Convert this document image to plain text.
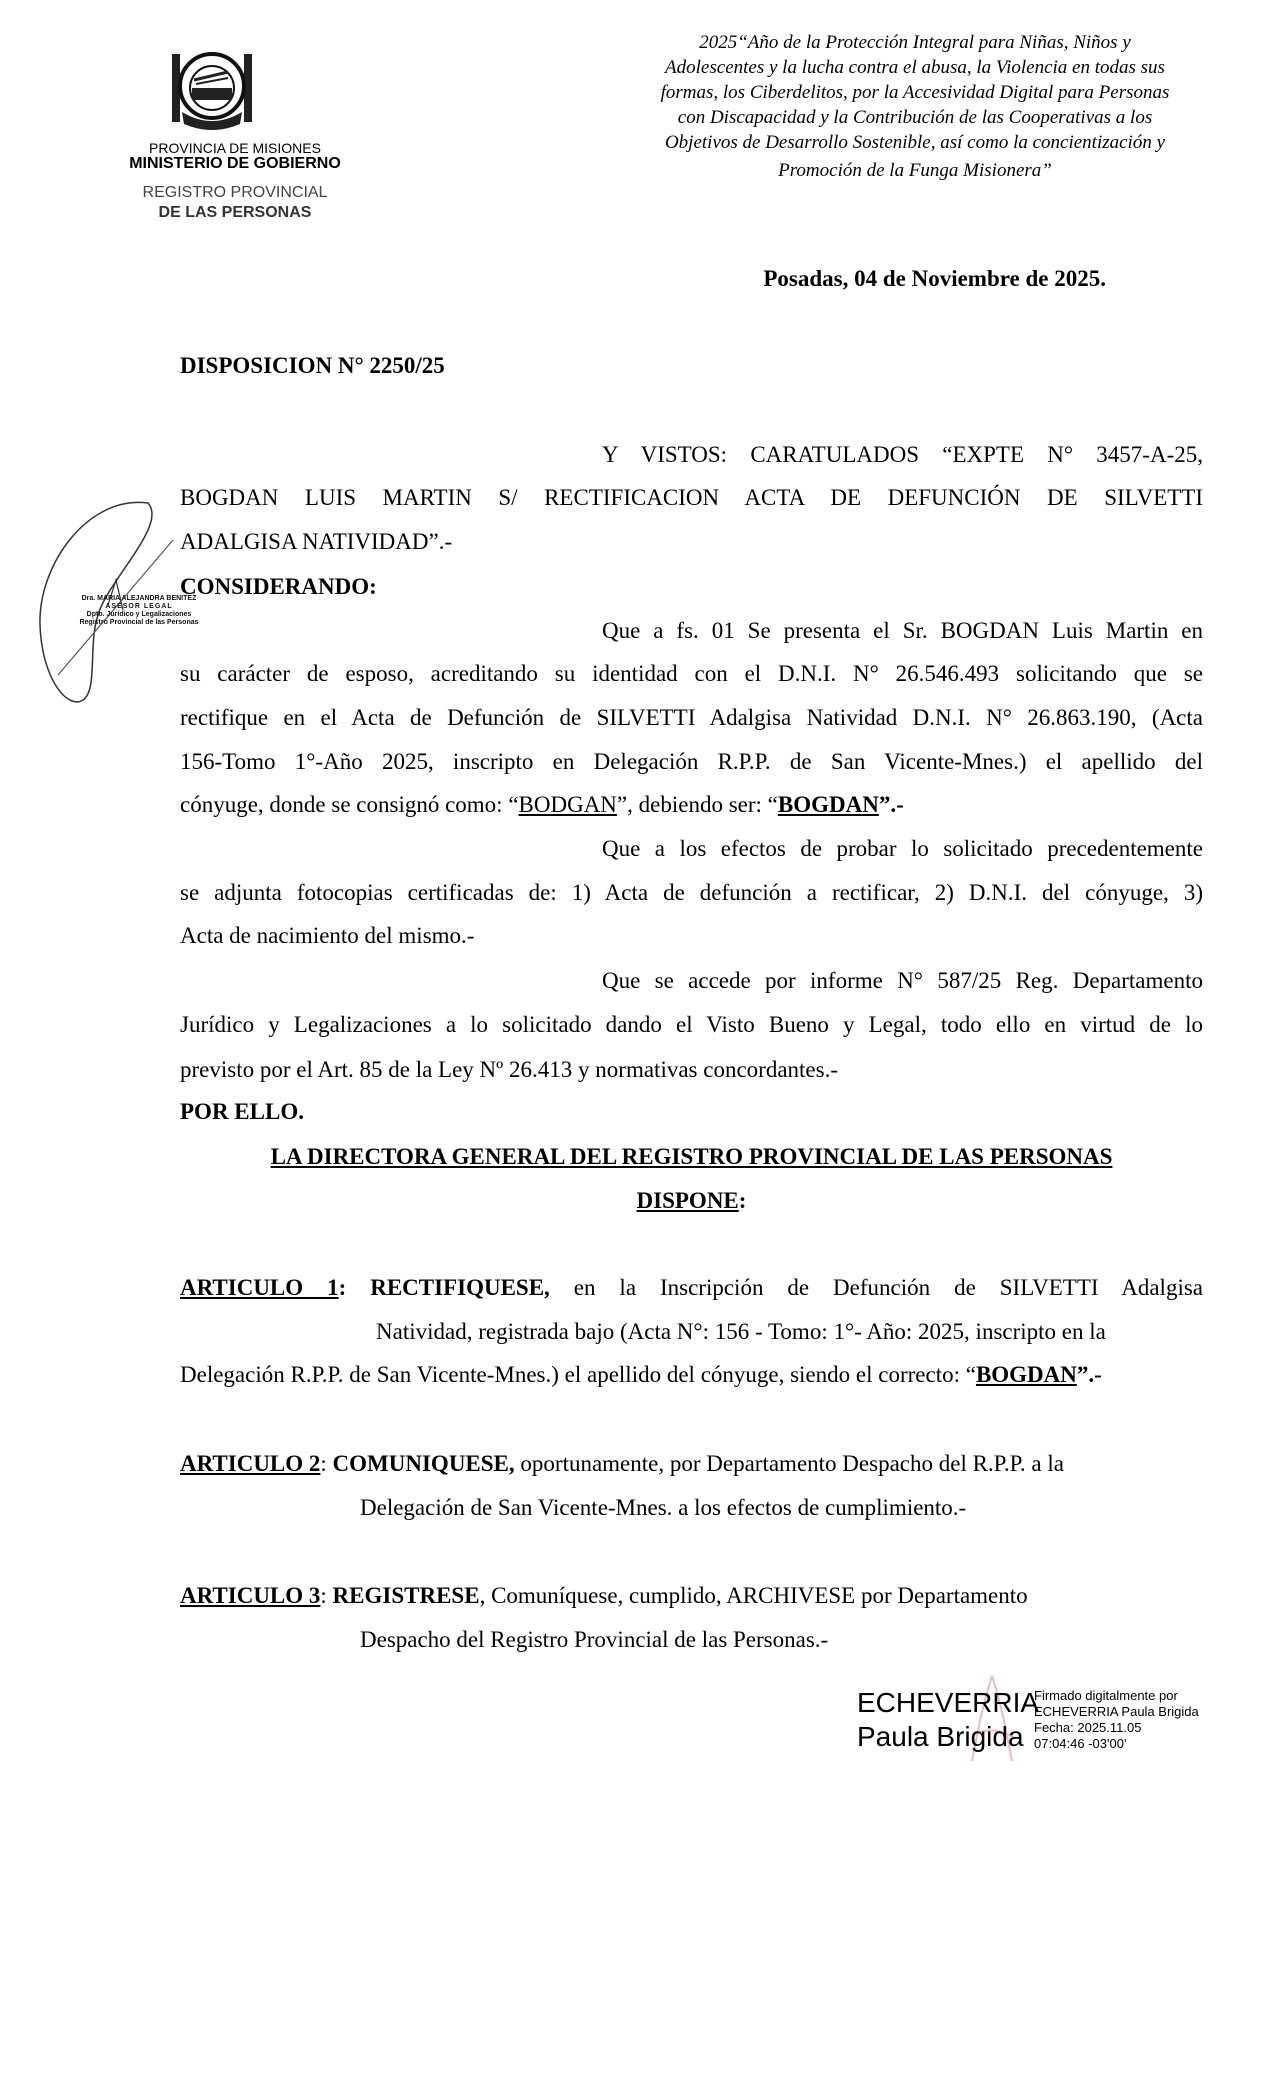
PROVINCIA DE MISIONES
MINISTERIO DE GOBIERNO
REGISTRO PROVINCIAL
DE LAS PERSONAS
2025“Año de la Protección Integral para Niñas, Niños y
Adolescentes y la lucha contra el abusa, la Violencia en todas sus
formas, los Ciberdelitos, por la Accesividad Digital para Personas
con Discapacidad y la Contribución de las Cooperativas a los
Objetivos de Desarrollo Sostenible, así como la concientización y
Promoción de la Funga Misionera”
Posadas, 04 de Noviembre de 2025.
DISPOSICION N° 2250/25
Y VISTOS: CARATULADOS “EXPTE N° 3457-A-25,
BOGDAN LUIS MARTIN S/ RECTIFICACION ACTA DE DEFUNCIÓN DE SILVETTI
ADALGISA NATIVIDAD”.-
CONSIDERANDO:
Que a fs. 01 Se presenta el Sr. BOGDAN Luis Martin en
su carácter de esposo, acreditando su identidad con el D.N.I. N° 26.546.493 solicitando que se
rectifique en el Acta de Defunción de SILVETTI Adalgisa Natividad D.N.I. N° 26.863.190, (Acta
156-Tomo 1°-Año 2025, inscripto en Delegación R.P.P. de San Vicente-Mnes.) el apellido del
cónyuge, donde se consignó como: “BODGAN”, debiendo ser: “BOGDAN”.-
Que a los efectos de probar lo solicitado precedentemente
se adjunta fotocopias certificadas de: 1) Acta de defunción a rectificar, 2) D.N.I. del cónyuge, 3)
Acta de nacimiento del mismo.-
Que se accede por informe N° 587/25 Reg. Departamento
Jurídico y Legalizaciones a lo solicitado dando el Visto Bueno y Legal, todo ello en virtud de lo
previsto por el Art. 85 de la Ley Nº 26.413 y normativas concordantes.-
POR ELLO.
LA DIRECTORA GENERAL DEL REGISTRO PROVINCIAL DE LAS PERSONAS
DISPONE:
ARTICULO 1: RECTIFIQUESE, en la Inscripción de Defunción de SILVETTI Adalgisa
Natividad, registrada bajo (Acta N°: 156 - Tomo: 1°- Año: 2025, inscripto en la
Delegación R.P.P. de San Vicente-Mnes.) el apellido del cónyuge, siendo el correcto: “BOGDAN”.-
ARTICULO 2: COMUNIQUESE, oportunamente, por Departamento Despacho del R.P.P. a la
Delegación de San Vicente-Mnes. a los efectos de cumplimiento.-
ARTICULO 3: REGISTRESE, Comuníquese, cumplido, ARCHIVESE por Departamento
Despacho del Registro Provincial de las Personas.-
Dra. MARIA ALEJANDRA BENITEZ
ASESOR LEGAL
Dpto. Jurídico y Legalizaciones
Registro Provincial de las Personas
ECHEVERRIA
Paula Brigida
Firmado digitalmente por
ECHEVERRIA Paula Brigida
Fecha: 2025.11.05
07:04:46 -03'00'
